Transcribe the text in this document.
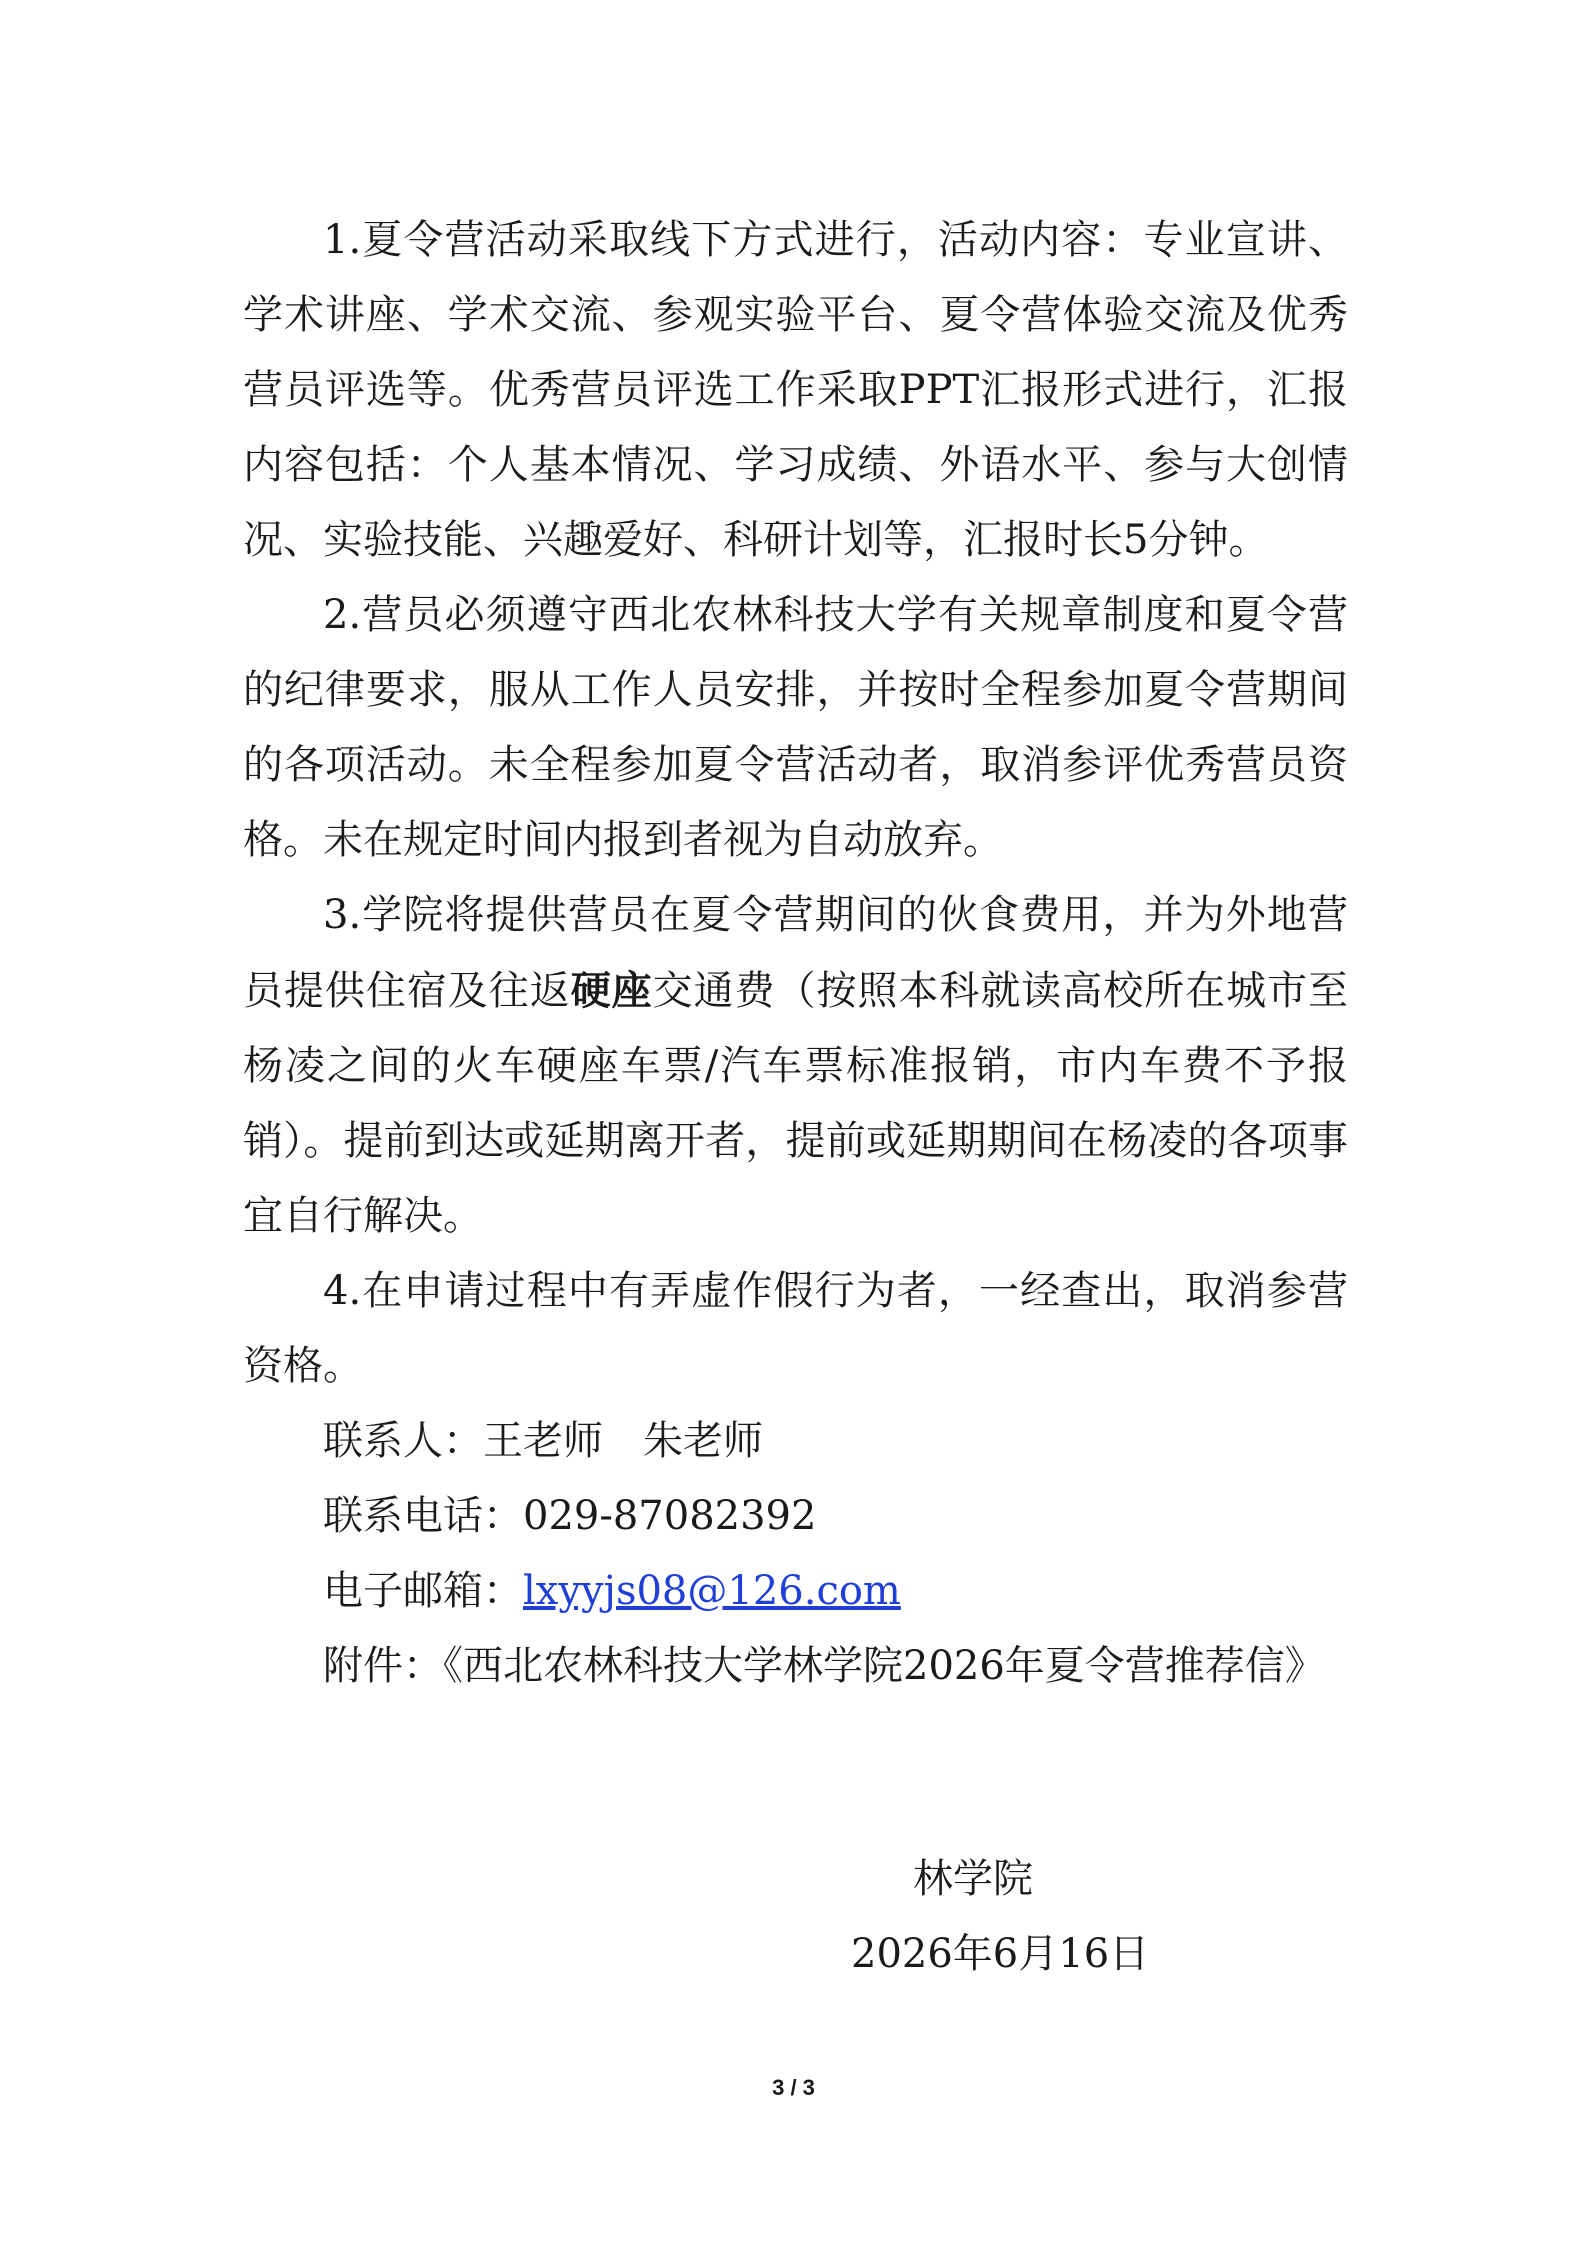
1.夏令营活动采取线下方式进行，活动内容：专业宣讲、学术讲座、学术交流、参观实验平台、夏令营体验交流及优秀营员评选等。优秀营员评选工作采取PPT汇报形式进行，汇报内容包括：个人基本情况、学习成绩、外语水平、参与大创情况、实验技能、兴趣爱好、科研计划等，汇报时长5分钟。

2.营员必须遵守西北农林科技大学有关规章制度和夏令营的纪律要求，服从工作人员安排，并按时全程参加夏令营期间的各项活动。未全程参加夏令营活动者，取消参评优秀营员资格。未在规定时间内报到者视为自动放弃。

3.学院将提供营员在夏令营期间的伙食费用，并为外地营员提供住宿及往返硬座交通费（按照本科就读高校所在城市至杨凌之间的火车硬座车票/汽车票标准报销，市内车费不予报销）。提前到达或延期离开者，提前或延期期间在杨凌的各项事宜自行解决。

4.在申请过程中有弄虚作假行为者，一经查出，取消参营资格。

联系人：王老师　朱老师

联系电话：029-87082392

电子邮箱：lxyyjs08@126.com

附件：《西北农林科技大学林学院2026年夏令营推荐信》

林学院
2026年6月16日
3 / 3
